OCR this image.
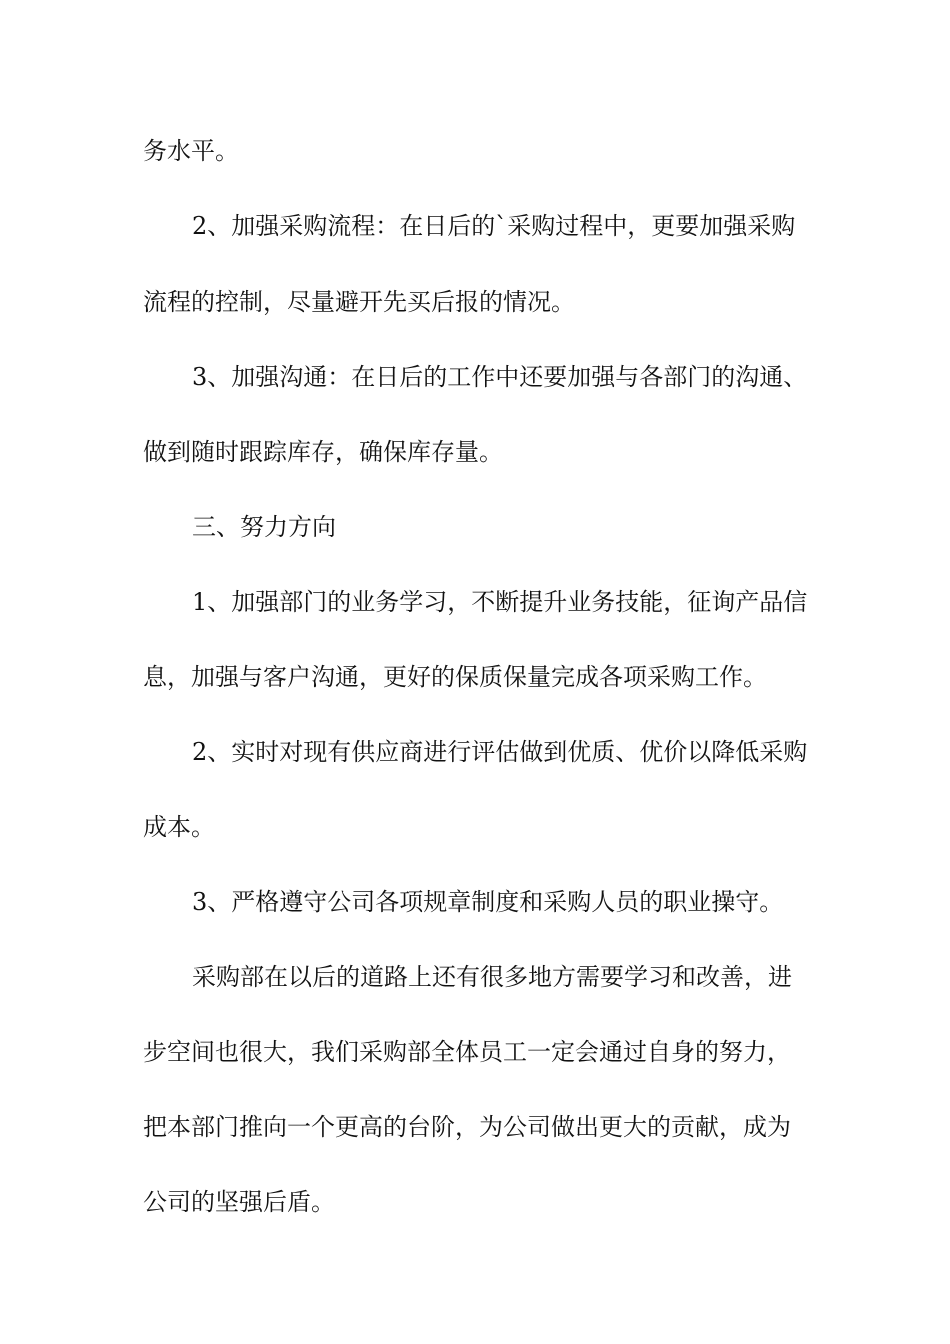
务水平。
2、加强采购流程：在日后的`采购过程中，更要加强采购
流程的控制，尽量避开先买后报的情况。
3、加强沟通：在日后的工作中还要加强与各部门的沟通、
做到随时跟踪库存，确保库存量。
三、努力方向
1、加强部门的业务学习，不断提升业务技能，征询产品信
息，加强与客户沟通，更好的保质保量完成各项采购工作。
2、实时对现有供应商进行评估做到优质、优价以降低采购
成本。
3、严格遵守公司各项规章制度和采购人员的职业操守。
采购部在以后的道路上还有很多地方需要学习和改善，进
步空间也很大，我们采购部全体员工一定会通过自身的努力，
把本部门推向一个更高的台阶，为公司做出更大的贡献，成为
公司的坚强后盾。
